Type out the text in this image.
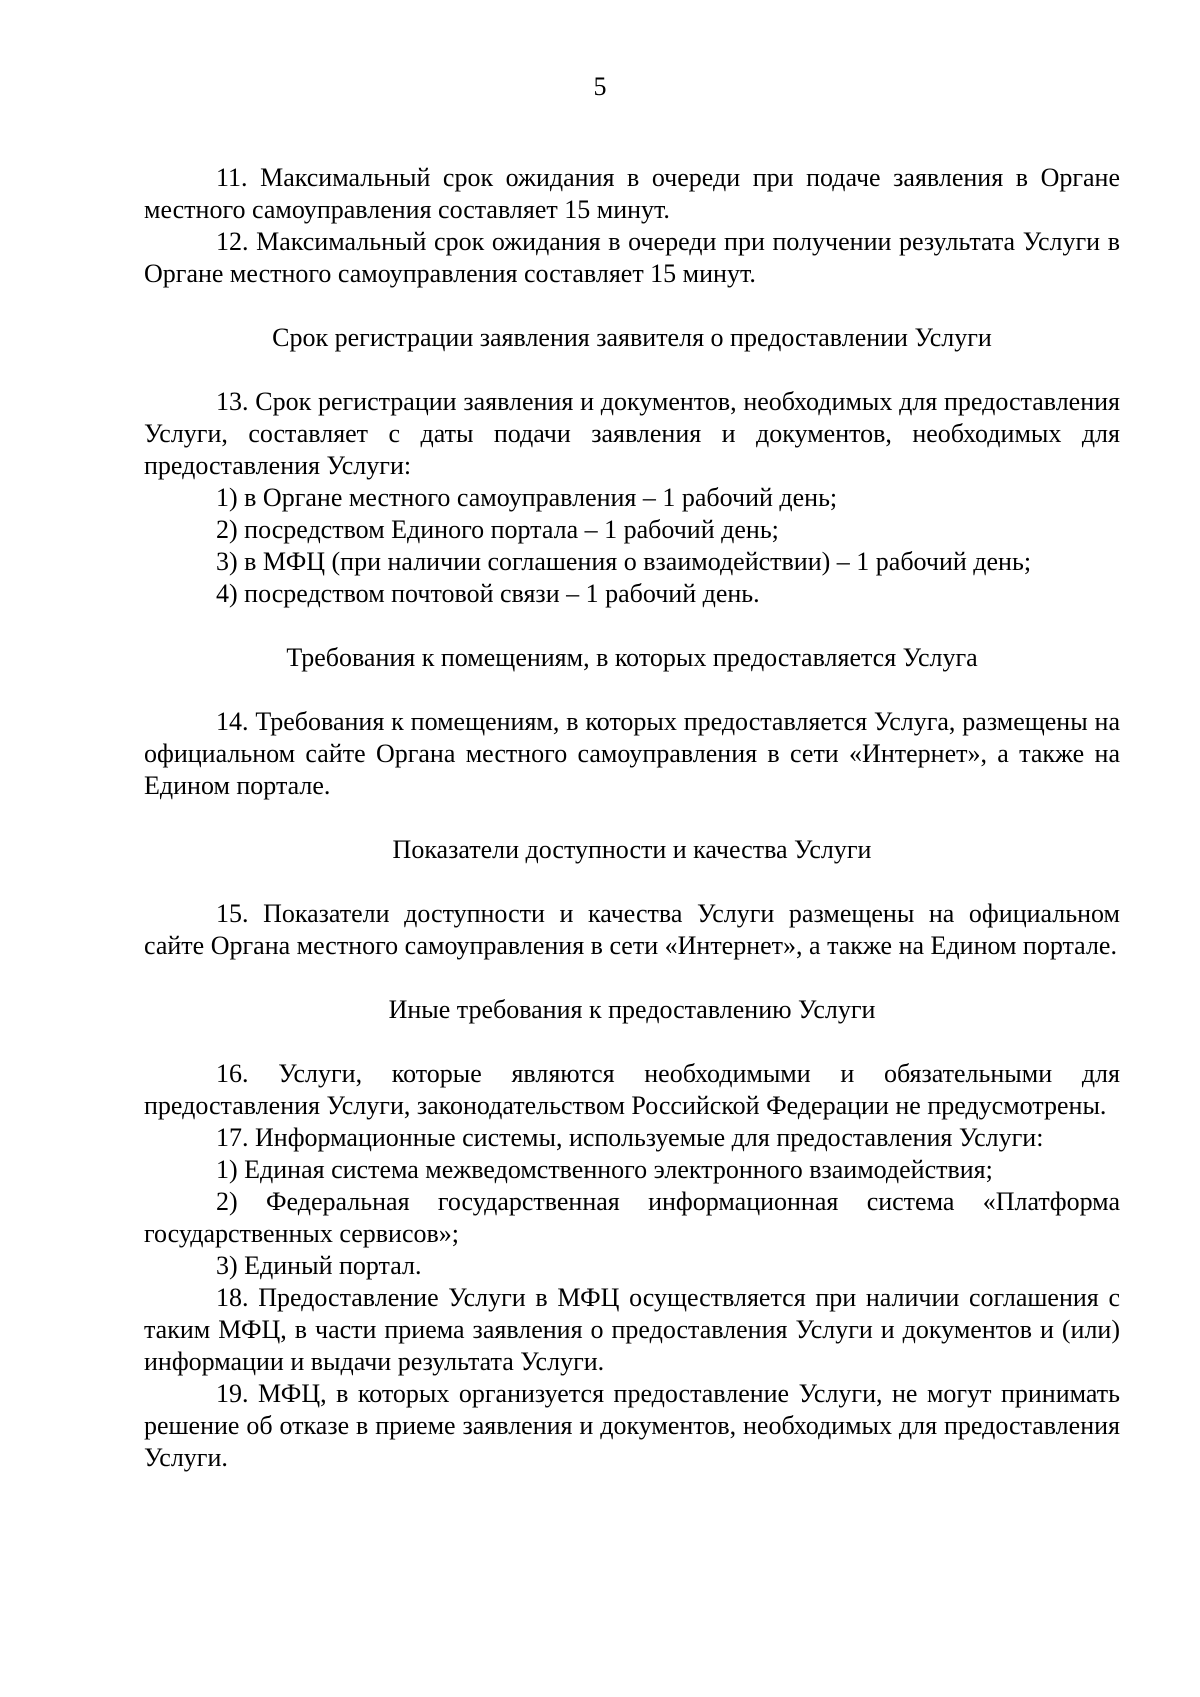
5

11. Максимальный срок ожидания в очереди при подаче заявления в Органе местного самоуправления составляет 15 минут.

12. Максимальный срок ожидания в очереди при получении результата Услуги в Органе местного самоуправления составляет 15 минут.

Срок регистрации заявления заявителя о предоставлении Услуги

13. Срок регистрации заявления и документов, необходимых для предоставления Услуги, составляет с даты подачи заявления и документов, необходимых для предоставления Услуги:

1) в Органе местного самоуправления – 1 рабочий день;

2) посредством Единого портала – 1 рабочий день;

3) в МФЦ (при наличии соглашения о взаимодействии) – 1 рабочий день;

4) посредством почтовой связи – 1 рабочий день.

Требования к помещениям, в которых предоставляется Услуга

14. Требования к помещениям, в которых предоставляется Услуга, размещены на официальном сайте Органа местного самоуправления в сети «Интернет», а также на Едином портале.

Показатели доступности и качества Услуги

15. Показатели доступности и качества Услуги размещены на официальном сайте Органа местного самоуправления в сети «Интернет», а также на Едином портале.

Иные требования к предоставлению Услуги

16. Услуги, которые являются необходимыми и обязательными для предоставления Услуги, законодательством Российской Федерации не предусмотрены.

17. Информационные системы, используемые для предоставления Услуги:

1) Единая система межведомственного электронного взаимодействия;

2) Федеральная государственная информационная система «Платформа государственных сервисов»;

3) Единый портал.

18. Предоставление Услуги в МФЦ осуществляется при наличии соглашения с таким МФЦ, в части приема заявления о предоставления Услуги и документов и (или) информации и выдачи результата Услуги.

19. МФЦ, в которых организуется предоставление Услуги, не могут принимать решение об отказе в приеме заявления и документов, необходимых для предоставления Услуги.
